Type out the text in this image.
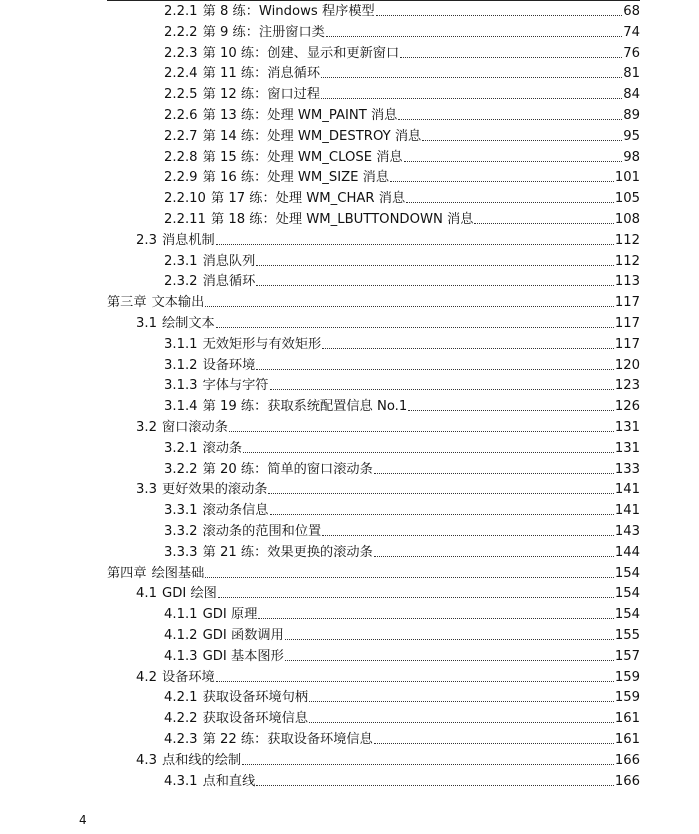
2.2.1 第 8 练：Windows 程序模型	68
2.2.2 第 9 练：注册窗口类	74
2.2.3 第 10 练：创建、显示和更新窗口	76
2.2.4 第 11 练：消息循环	81
2.2.5 第 12 练：窗口过程	84
2.2.6 第 13 练：处理 WM_PAINT 消息	89
2.2.7 第 14 练：处理 WM_DESTROY 消息	95
2.2.8 第 15 练：处理 WM_CLOSE 消息	98
2.2.9 第 16 练：处理 WM_SIZE 消息	101
2.2.10 第 17 练：处理 WM_CHAR 消息	105
2.2.11 第 18 练：处理 WM_LBUTTONDOWN 消息	108
2.3 消息机制	112
2.3.1 消息队列	112
2.3.2 消息循环	113
第三章 文本输出	117
3.1 绘制文本	117
3.1.1 无效矩形与有效矩形	117
3.1.2 设备环境	120
3.1.3 字体与字符	123
3.1.4 第 19 练：获取系统配置信息 No.1	126
3.2 窗口滚动条	131
3.2.1 滚动条	131
3.2.2 第 20 练：简单的窗口滚动条	133
3.3 更好效果的滚动条	141
3.3.1 滚动条信息	141
3.3.2 滚动条的范围和位置	143
3.3.3 第 21 练：效果更换的滚动条	144
第四章 绘图基础	154
4.1 GDI 绘图	154
4.1.1 GDI 原理	154
4.1.2 GDI 函数调用	155
4.1.3 GDI 基本图形	157
4.2 设备环境	159
4.2.1 获取设备环境句柄	159
4.2.2 获取设备环境信息	161
4.2.3 第 22 练：获取设备环境信息	161
4.3 点和线的绘制	166
4.3.1 点和直线	166
4
